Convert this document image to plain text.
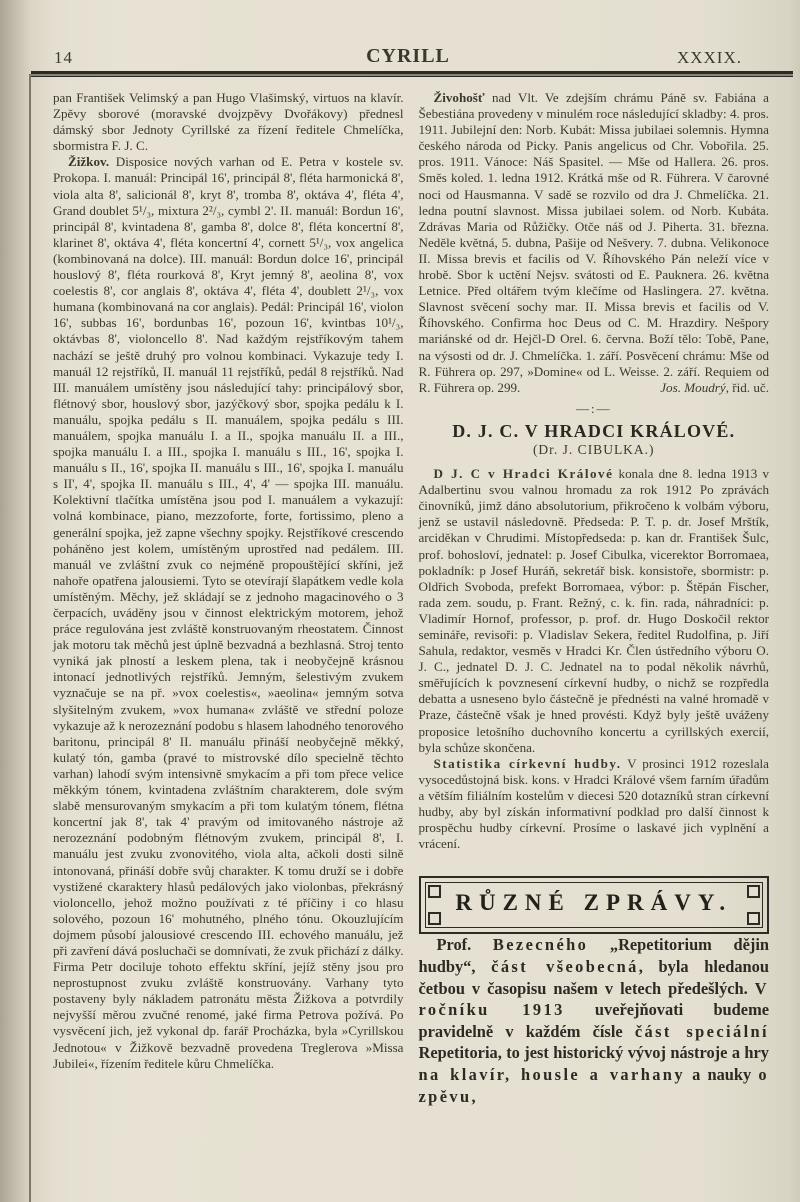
14	CYRILL	XXXIX.

pan František Velimský a pan Hugo Vlašimský, virtuos na klavír. Zpěvy sborové (moravské dvojzpěvy Dvořákovy) přednesl dámský sbor Jednoty Cyrillské za řízení ředitele Chmelíčka, sbormistra F. J. C.

Žižkov. Disposice nových varhan od E. Petra v kostele sv. Prokopa. I. manuál: Principál 16', principál 8', fléta harmonická 8', viola alta 8', salicionál 8', kryt 8', tromba 8', oktáva 4', fléta 4', Grand doublet 5¹/₃, mixtura 2²/₃, cymbl 2'. II. manuál: Bordun 16', principál 8', kvintadena 8', gamba 8', dolce 8', fléta koncertní 8', klarinet 8', oktáva 4', fléta koncertní 4', cornett 5¹/₃, vox angelica (kombinovaná na dolce). III. manuál: Bordun dolce 16', principál houslový 8', fléta rourková 8', Kryt jemný 8', aeolina 8', vox coelestis 8', cor anglais 8', oktáva 4', fléta 4', doublett 2¹/₃, vox humana (kombinovaná na cor anglais). Pedál: Principál 16', violon 16', subbas 16', bordunbas 16', pozoun 16', kvintbas 10¹/₃, oktávbas 8', violoncello 8'. Nad každým rejstříkovým tahem nachází se ještě druhý pro volnou kombinaci. Vykazuje tedy I. manuál 12 rejstříků, II. manuál 11 rejstříků, pedál 8 rejstříků. Nad III. manuálem umístěny jsou následující tahy: principálový sbor, flétnový sbor, houslový sbor, jazýčkový sbor, spojka pedálu k I. manuálu, spojka pedálu s II. manuálem, spojka pedálu s III. manuálem, spojka manuálu I. a II., spojka manuálu II. a III., spojka manuálu I. a III., spojka I. manuálu s III., 16', spojka I. manuálu s II., 16', spojka II. manuálu s III., 16', spojka I. manuálu s II', 4', spojka II. manuálu s III., 4', 4' — spojka III. manuálu. Kolektivní tlačítka umístěna jsou pod I. manuálem a vykazují: volná kombinace, piano, mezzoforte, forte, fortissimo, pleno a generální spojka, jež zapne všechny spojky. Rejstříkové crescendo poháněno jest kolem, umístěným uprostřed nad pedálem. III. manuál ve zvláštní zvuk co nejméně propouštějící skříni, jež nahoře opatřena jalousiemi. Tyto se otevírají šlapátkem vedle kola umístěným. Měchy, jež skládají se z jednoho magacinového o 3 čerpacích, uváděny jsou v činnost elektrickým motorem, jehož práce regulována jest zvláště konstruovaným rheostatem. Činnost jak motoru tak měchů jest úplně bezvadná a bezhlasná. Stroj tento vyniká jak plností a leskem plena, tak i neobyčejně krásnou intonací jednotlivých rejstříků. Jemným, šelestivým zvukem vyznačuje se na př. »vox coelestis«, »aeolina« jemným sotva slyšitelným zvukem, »vox humana« zvláště ve střední poloze vykazuje až k nerozeznání podobu s hlasem lahodného tenorového baritonu, principál 8' II. manuálu přináší neobyčejně měkký, kulatý tón, gamba (pravé to mistrovské dílo specielně těchto varhan) lahodí svým intensivně smykacím a při tom přece velice měkkým tónem, kvintadena zvláštním charakterem, dole svým slabě mensurovaným smykacím a při tom kulatým tónem, flétna koncertní jak 8', tak 4' pravým od imitovaného nástroje až nerozeznání podobným flétnovým zvukem, principál 8', I. manuálu jest zvuku zvonovitého, viola alta, ačkoli dosti silně intonovaná, přináší dobře svůj charakter. K tomu druží se i dobře vystižené ckaraktery hlasů pedálových jako violonbas, překrásný violoncello, jehož možno používati z té příčiny i co hlasu solového, pozoun 16' mohutného, plného tónu. Okouzlujícím dojmem působí jalousiové crescendo III. echového manuálu, jež při zavření dává posluchači se domnívati, že zvuk přichází z dálky. Firma Petr dociluje tohoto effektu skříní, jejíž stěny jsou pro neprostupnost zvuku zvláště konstruovány. Varhany tyto postaveny byly nákladem patronátu města Žižkova a potvrdily nejvyšší měrou zvučné renomé, jaké firma Petrova požívá. Po vysvěcení jich, jež vykonal dp. farář Procházka, byla »Cyrillskou Jednotou« v Žižkově bezvadně provedena Treglerova »Missa Jubilei«, řízením ředitele kůru Chmelíčka.

Živohošť nad Vlt. Ve zdejším chrámu Páně sv. Fabiána a Šebestiána provedeny v minulém roce následující skladby: 4. pros. 1911. Jubilejní den: Norb. Kubát: Missa jubilaei solemnis. Hymna českého národa od Picky. Panis angelicus od Chr. Vobořila. 25. pros. 1911. Vánoce: Náš Spasitel. — Mše od Hallera. 26. pros. Směs koled. 1. ledna 1912. Krátká mše od R. Führera. V čarovné noci od Hausmanna. V sadě se rozvilo od dra J. Chmelíčka. 21. ledna poutní slavnost. Missa jubilaei solem. od Norb. Kubáta. Zdrávas Maria od Růžičky. Otče náš od J. Piherta. 31. března. Neděle květná, 5. dubna, Pašije od Nešvery. 7. dubna. Velikonoce II. Missa brevis et facilis od V. Říhovského Pán neleží více v hrobě. Sbor k uctění Nejsv. svátosti od E. Pauknera. 26. května Letnice. Před oltářem tvým klečíme od Haslingera. 27. května. Slavnost svěcení sochy mar. II. Missa brevis et facilis od V. Říhovského. Confirma hoc Deus od C. M. Hrazdiry. Nešpory mariánské od dr. Hejčl-D Orel. 6. června. Boží tělo: Tobě, Pane, na výsosti od dr. J. Chmelíčka. 1. září. Posvěcení chrámu: Mše od R. Führera op. 297, »Domine« od L. Weisse. 2. září. Requiem od R. Führera op. 299.	Jos. Moudrý, řid. uč.

—:—
D. J. C. V HRADCI KRÁLOVÉ.
(Dr. J. CIBULKA.)

D J. C v Hradci Králové konala dne 8. ledna 1913 v Adalbertinu svou valnou hromadu za rok 1912 Po zprávách činovníků, jimž dáno absolutorium, přikročeno k volbám výboru, jenž se ustavil následovně. Předseda: P. T. p. dr. Josef Mrštík, arciděkan v Chrudimi. Místopředseda: p. kan dr. František Šulc, prof. bohosloví, jednatel: p. Josef Cibulka, vicerektor Borromaea, pokladník: p Josef Huráň, sekretář bisk. konsistoře, sbormistr: p. Oldřich Svoboda, prefekt Borromaea, výbor: p. Štěpán Fischer, rada zem. soudu, p. Frant. Režný, c. k. fin. rada, náhradníci: p. Vladimír Hornof, professor, p. prof. dr. Hugo Doskočil rektor semináře, revisoři: p. Vladislav Sekera, ředitel Rudolfina, p. Jiří Sahula, redaktor, vesměs v Hradci Kr. Člen ústředního výboru O. J. C., jednatel D. J. C. Jednatel na to podal několik návrhů, směřujících k povznesení církevní hudby, o nichž se rozpředla debatta a usneseno bylo částečně je přednésti na valné hromadě v Praze, částečně však je hned provésti. Když byly ještě uváženy proposice letošního duchovního koncertu a cyrillských exercií, byla schůze skončena.

Statistika církevní hudby. V prosinci 1912 rozeslala vysocedůstojná bisk. kons. v Hradci Králové všem farním úřadům a větším filiálním kostelům v diecesi 520 dotazníků stran církevní hudby, aby byl získán informativní podklad pro další činnost k prospěchu hudby církevní. Prosíme o laskavé jich vyplnění a vrácení.

RŮZNÉ ZPRÁVY.

Prof. Bezecného „Repetitorium dějin hudby“, část všeobecná, byla hledanou četbou v časopisu našem v letech předešlých. V ročníku 1913 uveřejňovati budeme pravidelně v každém čísle část speciální Repetitoria, to jest historický vývoj nástroje a hry na klavír, housle a varhany a nauky o zpěvu,
